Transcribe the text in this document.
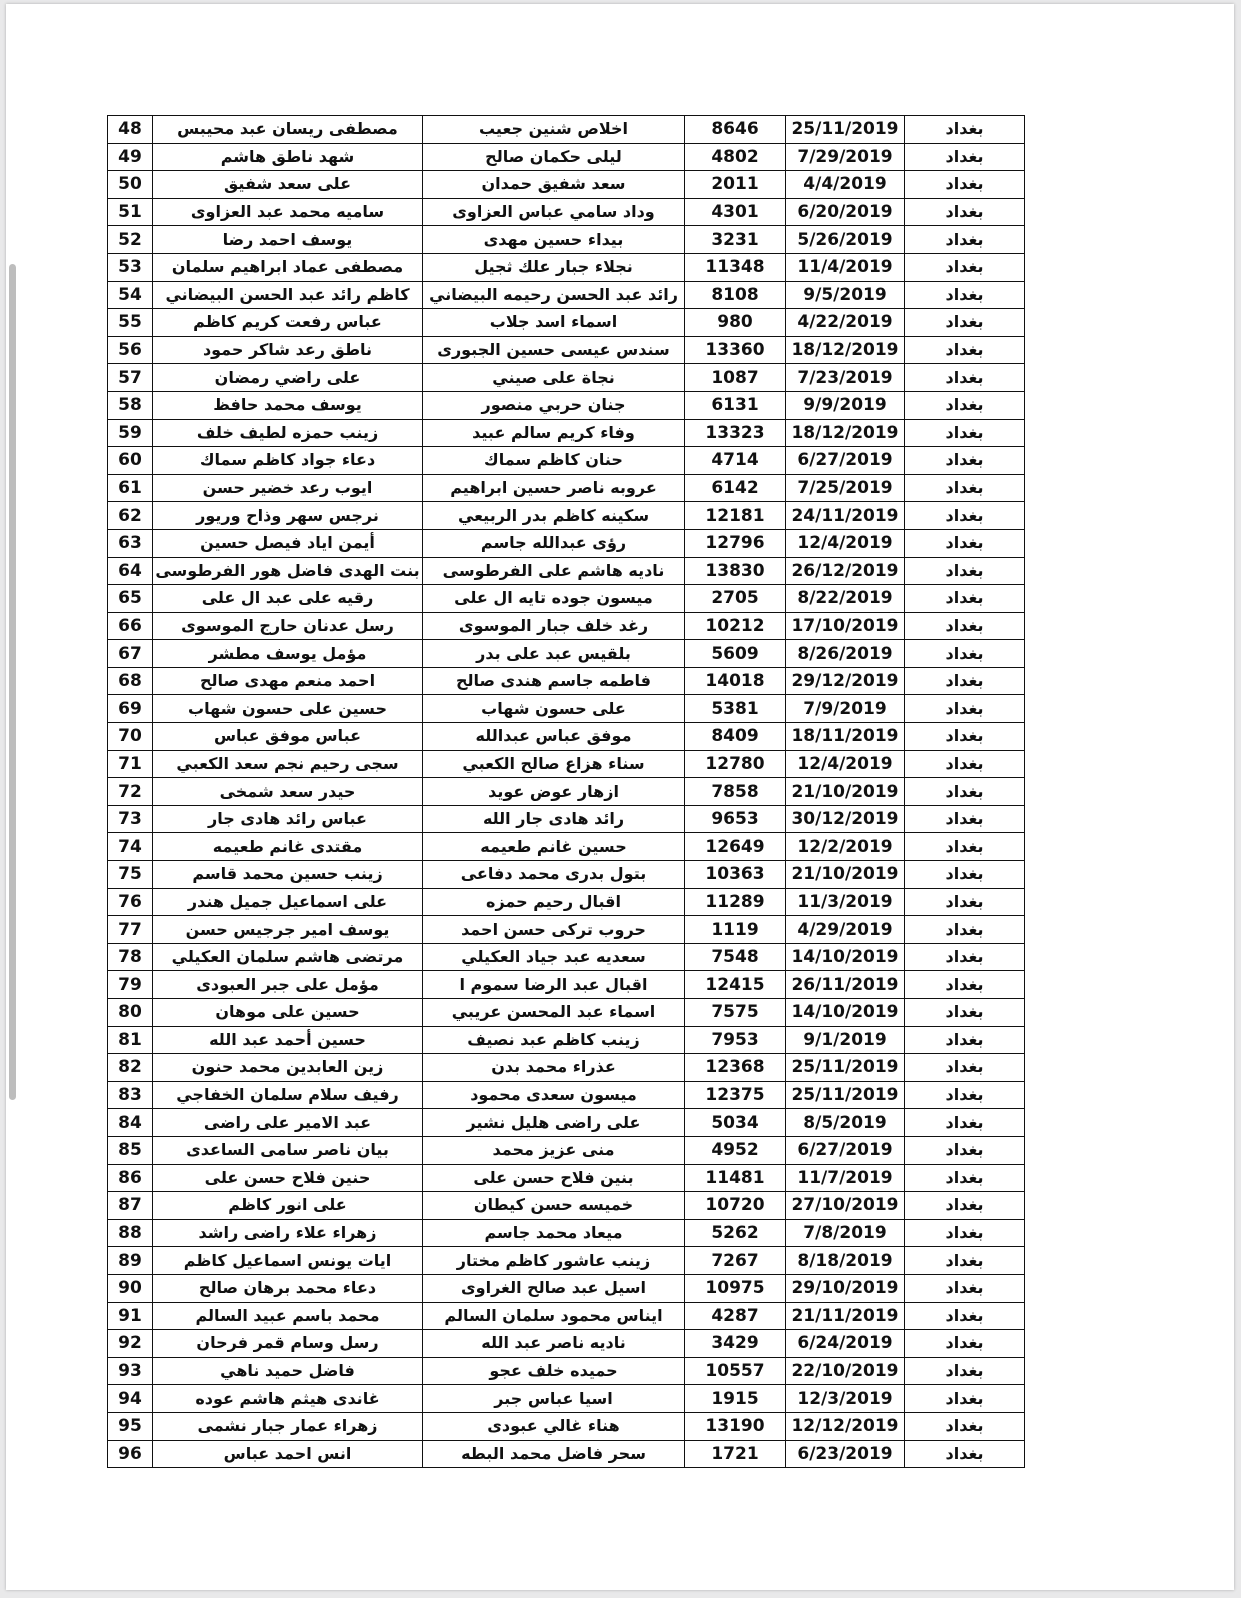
48	مصطفى ريسان عبد محيبس	اخلاص شنين جعيب	8646	25/11/2019	بغداد
49	شهد ناطق هاشم	ليلى حكمان صالح	4802	7/29/2019	بغداد
50	على سعد شفيق	سعد شفيق حمدان	2011	4/4/2019	بغداد
51	ساميه محمد عبد العزاوى	وداد سامي عباس العزاوى	4301	6/20/2019	بغداد
52	يوسف احمد رضا	بيداء حسين مهدى	3231	5/26/2019	بغداد
53	مصطفى عماد ابراهيم سلمان	نجلاء جبار علك ثجيل	11348	11/4/2019	بغداد
54	كاظم رائد عبد الحسن البيضاني	رائد عبد الحسن رحيمه البيضاني	8108	9/5/2019	بغداد
55	عباس رفعت كريم كاظم	اسماء اسد جلاب	980	4/22/2019	بغداد
56	ناطق رعد شاكر حمود	سندس عيسى حسين الجبورى	13360	18/12/2019	بغداد
57	على راضي رمضان	نجاة على صيني	1087	7/23/2019	بغداد
58	يوسف محمد حافظ	جنان حربي منصور	6131	9/9/2019	بغداد
59	زينب حمزه لطيف خلف	وفاء كريم سالم عبيد	13323	18/12/2019	بغداد
60	دعاء جواد كاظم سماك	حنان كاظم سماك	4714	6/27/2019	بغداد
61	ايوب رعد خضير حسن	عروبه ناصر حسين ابراهيم	6142	7/25/2019	بغداد
62	نرجس سهر وذاح وريور	سكينه كاظم بدر الربيعي	12181	24/11/2019	بغداد
63	أيمن اياد فيصل حسين	رؤى عبدالله جاسم	12796	12/4/2019	بغداد
64	بنت الهدى فاضل هور الفرطوسى	ناديه هاشم على الفرطوسى	13830	26/12/2019	بغداد
65	رقيه على عبد ال على	ميسون جوده تايه ال على	2705	8/22/2019	بغداد
66	رسل عدنان حارج الموسوى	رغد خلف جبار الموسوى	10212	17/10/2019	بغداد
67	مؤمل يوسف مطشر	بلقيس عبد على بدر	5609	8/26/2019	بغداد
68	احمد منعم مهدى صالح	فاطمه جاسم هندى صالح	14018	29/12/2019	بغداد
69	حسين على حسون شهاب	على حسون شهاب	5381	7/9/2019	بغداد
70	عباس موفق عباس	موفق عباس عبدالله	8409	18/11/2019	بغداد
71	سجى رحيم نجم سعد الكعبي	سناء هزاع صالح الكعبي	12780	12/4/2019	بغداد
72	حيدر سعد شمخى	ازهار عوض عويد	7858	21/10/2019	بغداد
73	عباس رائد هادى جار	رائد هادى جار الله	9653	30/12/2019	بغداد
74	مقتدى غانم طعيمه	حسين غانم طعيمه	12649	12/2/2019	بغداد
75	زينب حسين محمد قاسم	بتول بدرى محمد دفاعى	10363	21/10/2019	بغداد
76	على اسماعيل جميل هندر	اقبال رحيم حمزه	11289	11/3/2019	بغداد
77	يوسف امير جرجيس حسن	حروب تركى حسن احمد	1119	4/29/2019	بغداد
78	مرتضى هاشم سلمان العكيلي	سعديه عبد جياد العكيلي	7548	14/10/2019	بغداد
79	مؤمل على جبر العبودى	اقبال عبد الرضا سموم ا	12415	26/11/2019	بغداد
80	حسين على موهان	اسماء عبد المحسن عريبي	7575	14/10/2019	بغداد
81	حسين أحمد عبد الله	زينب كاظم عبد نصيف	7953	9/1/2019	بغداد
82	زين العابدين محمد حنون	عذراء محمد بدن	12368	25/11/2019	بغداد
83	رفيف سلام سلمان الخفاجي	ميسون سعدى محمود	12375	25/11/2019	بغداد
84	عبد الامير على راضى	على راضى هليل نشير	5034	8/5/2019	بغداد
85	بيان ناصر سامى الساعدى	منى عزيز محمد	4952	6/27/2019	بغداد
86	حنين فلاح حسن على	بنين فلاح حسن على	11481	11/7/2019	بغداد
87	على انور كاظم	خميسه حسن كيطان	10720	27/10/2019	بغداد
88	زهراء علاء راضى راشد	ميعاد محمد جاسم	5262	7/8/2019	بغداد
89	ايات يونس اسماعيل كاظم	زينب عاشور كاظم مختار	7267	8/18/2019	بغداد
90	دعاء محمد برهان صالح	اسيل عبد صالح الغراوى	10975	29/10/2019	بغداد
91	محمد باسم عبيد السالم	ايناس محمود سلمان السالم	4287	21/11/2019	بغداد
92	رسل وسام قمر فرحان	ناديه ناصر عبد الله	3429	6/24/2019	بغداد
93	فاضل حميد ناهي	حميده خلف عجو	10557	22/10/2019	بغداد
94	غاندى هيثم هاشم عوده	اسيا عباس جبر	1915	12/3/2019	بغداد
95	زهراء عمار جبار نشمى	هناء غالي عبودى	13190	12/12/2019	بغداد
96	انس احمد عباس	سحر فاضل محمد البطه	1721	6/23/2019	بغداد
